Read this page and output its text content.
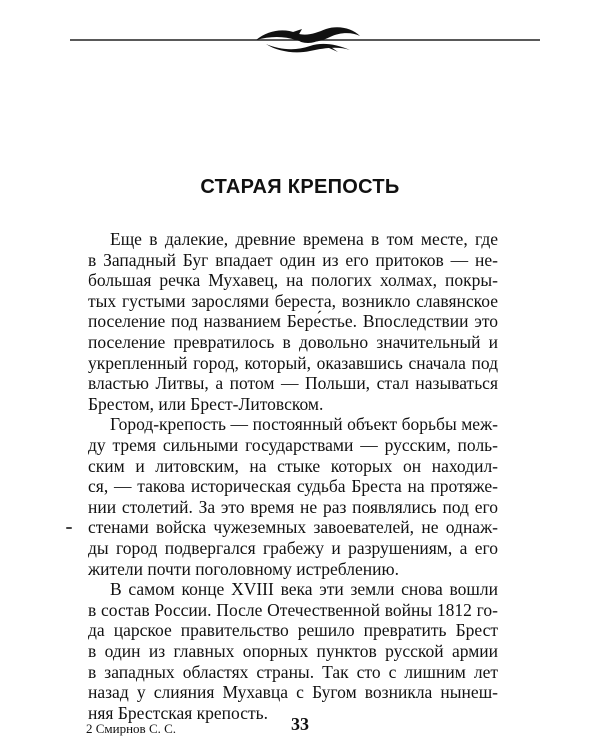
СТАРАЯ КРЕПОСТЬ
Еще в далекие, древние времена в том месте, где
в Западный Буг впадает один из его притоков — не-
большая речка Мухавец, на пологих холмах, покры-
тых густыми зарослями береста, возникло славянское
поселение под названием Бере́стье. Впоследствии это
поселение превратилось в довольно значительный и
укрепленный город, который, оказавшись сначала под
властью Литвы, а потом — Польши, стал называться
Брестом, или Брест-Литовском.
Город-крепость — постоянный объект борьбы меж-
ду тремя сильными государствами — русским, поль-
ским и литовским, на стыке которых он находил-
ся, — такова историческая судьба Бреста на протяже-
нии столетий. За это время не раз появлялись под его
стенами войска чужеземных завоевателей, не однаж-
ды город подвергался грабежу и разрушениям, а его
жители почти поголовному истреблению.
В самом конце XVIII века эти земли снова вошли
в состав России. После Отечественной войны 1812 го-
да царское правительство решило превратить Брест
в один из главных опорных пунктов русской армии
в западных областях страны. Так сто с лишним лет
назад у слияния Мухавца с Бугом возникла нынеш-
няя Брестская крепость.
2 Смирнов С. С.	33
